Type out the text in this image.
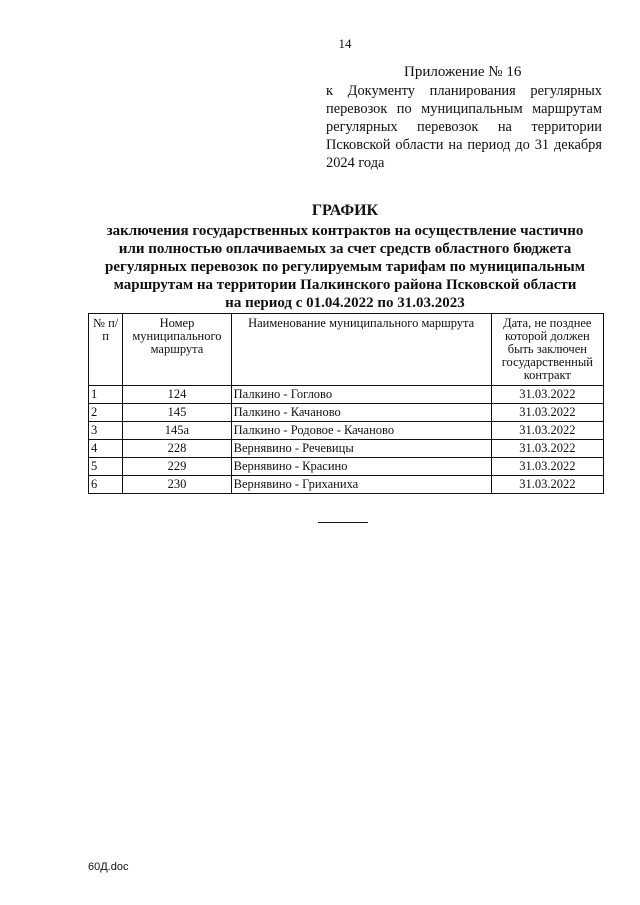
14
Приложение № 16
к Документу планирования регулярных перевозок по муниципальным маршрутам регулярных перевозок на территории Псковской области на период до 31 декабря 2024 года
ГРАФИК
заключения государственных контрактов на осуществление частично
или полностью оплачиваемых за счет средств областного бюджета
регулярных перевозок по регулируемым тарифам по муниципальным
маршрутам на территории Палкинского района Псковской области
на период с 01.04.2022 по 31.03.2023
№ п/п	Номер муниципального маршрута	Наименование муниципального маршрута	Дата, не позднее которой должен быть заключен государственный контракт
1	124	Палкино - Гоглово	31.03.2022
2	145	Палкино - Качаново	31.03.2022
3	145а	Палкино - Родовое - Качаново	31.03.2022
4	228	Вернявино - Речевицы	31.03.2022
5	229	Вернявино - Красино	31.03.2022
6	230	Вернявино - Гриханиха	31.03.2022
60Д.doc
